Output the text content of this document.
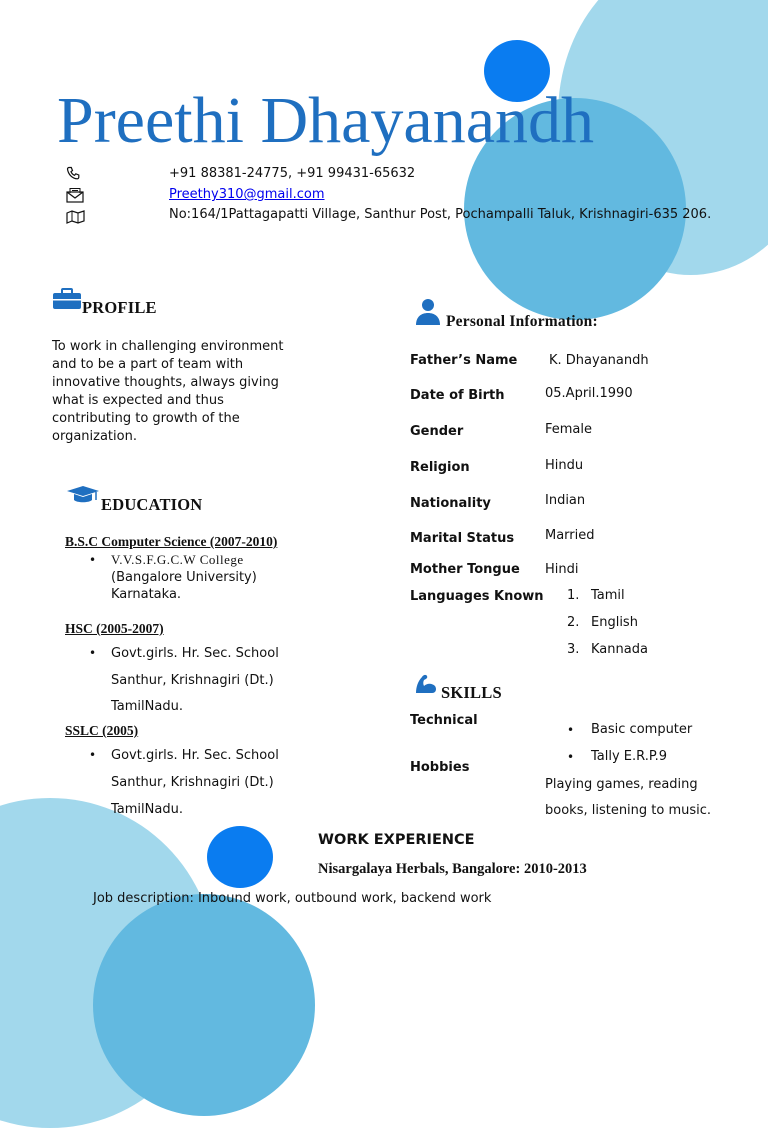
Preethi Dhayanandh
+91 88381-24775, +91 99431-65632
Preethy310@gmail.com
No:164/1Pattagapatti Village, Santhur Post, Pochampalli Taluk, Krishnagiri-635 206.
PROFILE
To work in challenging environment
and to be a part of team with
innovative thoughts, always giving
what is expected and thus
contributing to growth of the
organization.
EDUCATION
B.S.C Computer Science (2007-2010)
• V.V.S.F.G.C.W College
(Bangalore University)
Karnataka.
HSC (2005-2007)
• Govt.girls. Hr. Sec. School
Santhur, Krishnagiri (Dt.)
TamilNadu.
SSLC (2005)
• Govt.girls. Hr. Sec. School
Santhur, Krishnagiri (Dt.)
TamilNadu.
Personal Information:
Father’s Name K. Dhayanandh
Date of Birth	05.April.1990
Gender	Female
Religion	Hindu
Nationality	Indian
Marital Status Married
Mother Tongue Hindi
Languages Known 1. Tamil
2. English
3. Kannada
SKILLS
Technical
• Basic computer
• Tally E.R.P.9
Hobbies
Playing games, reading
books, listening to music.
WORK EXPERIENCE
Nisargalaya Herbals, Bangalore: 2010-2013
Job description: Inbound work, outbound work, backend work
